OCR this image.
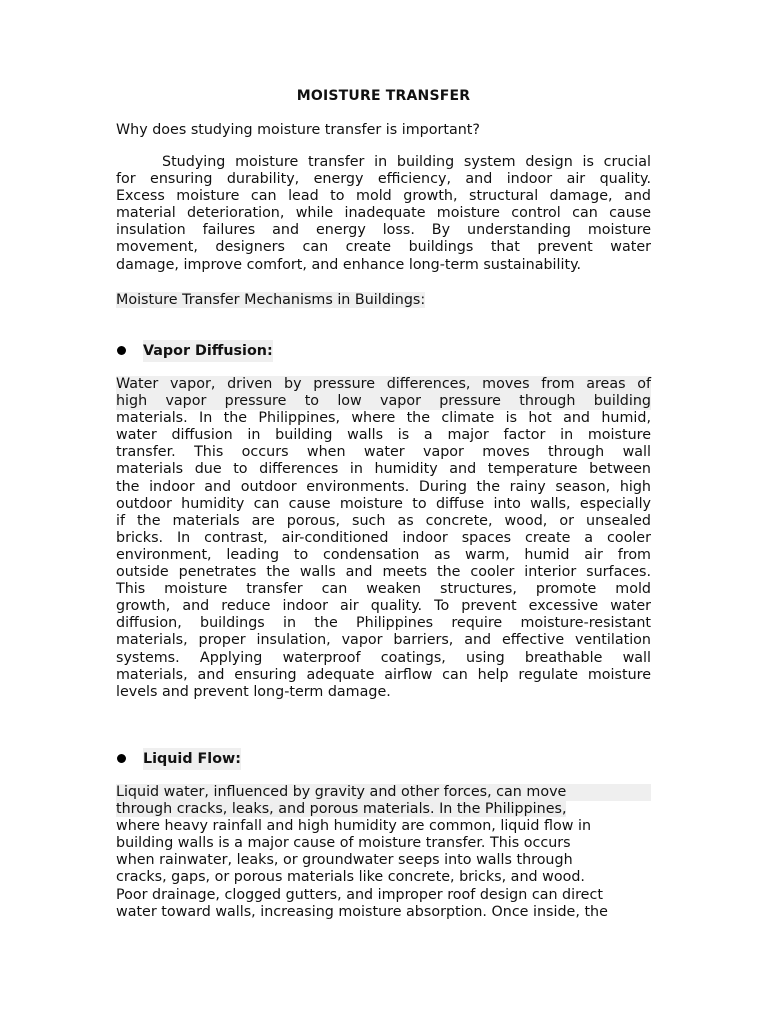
MOISTURE TRANSFER
Why does studying moisture transfer is important?
Studying moisture transfer in building system design is crucial
for ensuring durability, energy efficiency, and indoor air quality.
Excess moisture can lead to mold growth, structural damage, and
material deterioration, while inadequate moisture control can cause
insulation failures and energy loss. By understanding moisture
movement, designers can create buildings that prevent water
damage, improve comfort, and enhance long-term sustainability.
Moisture Transfer Mechanisms in Buildings:
Vapor Diffusion:
Water vapor, driven by pressure differences, moves from areas of
high vapor pressure to low vapor pressure through building
materials. In the Philippines, where the climate is hot and humid,
water diffusion in building walls is a major factor in moisture
transfer. This occurs when water vapor moves through wall
materials due to differences in humidity and temperature between
the indoor and outdoor environments. During the rainy season, high
outdoor humidity can cause moisture to diffuse into walls, especially
if the materials are porous, such as concrete, wood, or unsealed
bricks. In contrast, air-conditioned indoor spaces create a cooler
environment, leading to condensation as warm, humid air from
outside penetrates the walls and meets the cooler interior surfaces.
This moisture transfer can weaken structures, promote mold
growth, and reduce indoor air quality. To prevent excessive water
diffusion, buildings in the Philippines require moisture-resistant
materials, proper insulation, vapor barriers, and effective ventilation
systems. Applying waterproof coatings, using breathable wall
materials, and ensuring adequate airflow can help regulate moisture
levels and prevent long-term damage.
Liquid Flow:
Liquid water, influenced by gravity and other forces, can move
through cracks, leaks, and porous materials. In the Philippines,
where heavy rainfall and high humidity are common, liquid flow in
building walls is a major cause of moisture transfer. This occurs
when rainwater, leaks, or groundwater seeps into walls through
cracks, gaps, or porous materials like concrete, bricks, and wood.
Poor drainage, clogged gutters, and improper roof design can direct
water toward walls, increasing moisture absorption. Once inside, the
